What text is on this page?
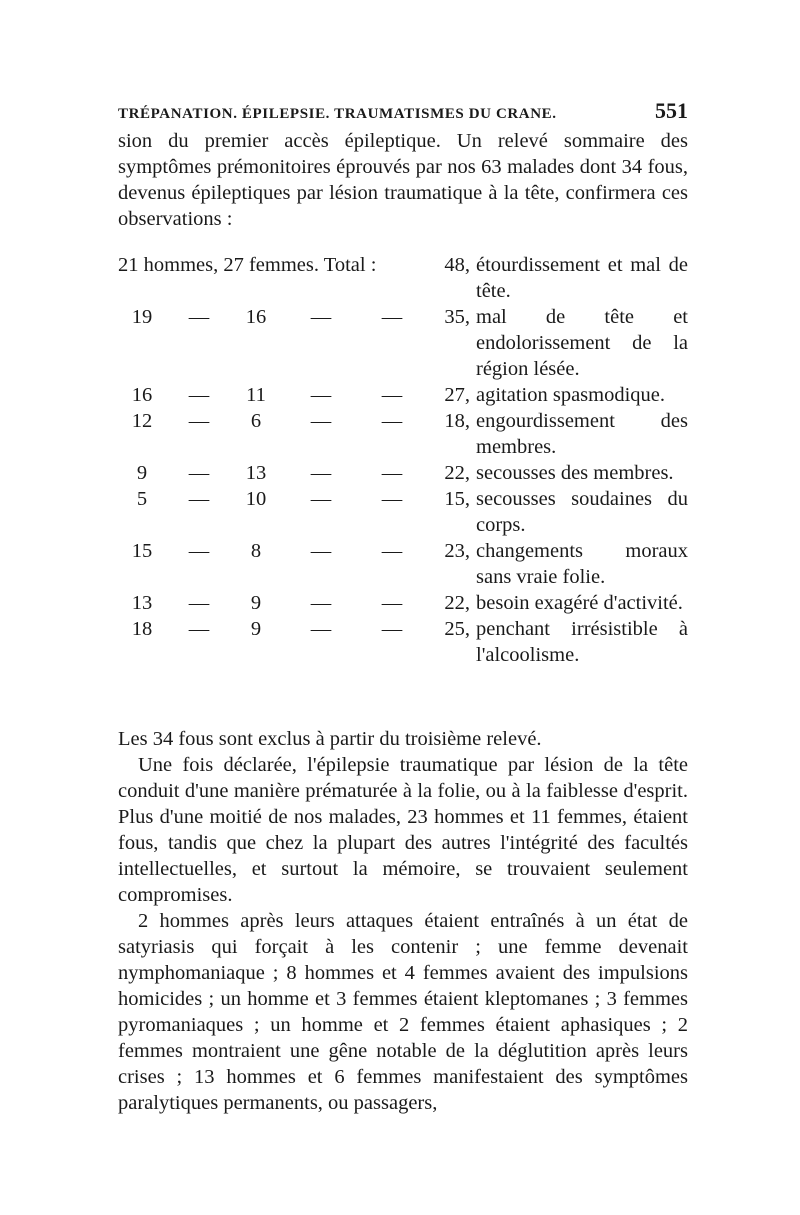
TRÉPANATION. ÉPILEPSIE. TRAUMATISMES DU CRANE.	551

sion du premier accès épileptique. Un relevé sommaire des symptômes prémonitoires éprouvés par nos 63 malades dont 34 fous, devenus épileptiques par lésion traumatique à la tête, confirmera ces observations :

21 hommes, 27 femmes. Total :	48, étourdissement et mal de tête.
19	—	16	—	—	35, mal de tête et endolorissement de la région lésée.
16	—	11	—	—	27, agitation spasmodique.
12	—	6	—	—	18, engourdissement des membres.
9	—	13	—	—	22, secousses des membres.
5	—	10	—	—	15, secousses soudaines du corps.
15	—	8	—	—	23, changements moraux sans vraie folie.
13	—	9	—	—	22, besoin exagéré d'activité.
18	—	9	—	—	25, penchant irrésistible à l'alcoolisme.

Les 34 fous sont exclus à partir du troisième relevé.

Une fois déclarée, l'épilepsie traumatique par lésion de la tête conduit d'une manière prématurée à la folie, ou à la faiblesse d'esprit. Plus d'une moitié de nos malades, 23 hommes et 11 femmes, étaient fous, tandis que chez la plupart des autres l'intégrité des facultés intellectuelles, et surtout la mémoire, se trouvaient seulement compromises.

2 hommes après leurs attaques étaient entraînés à un état de satyriasis qui forçait à les contenir ; une femme devenait nymphomaniaque ; 8 hommes et 4 femmes avaient des impulsions homicides ; un homme et 3 femmes étaient kleptomanes ; 3 femmes pyromaniaques ; un homme et 2 femmes étaient aphasiques ; 2 femmes montraient une gêne notable de la déglutition après leurs crises ; 13 hommes et 6 femmes manifestaient des symptômes paralytiques permanents, ou passagers,
